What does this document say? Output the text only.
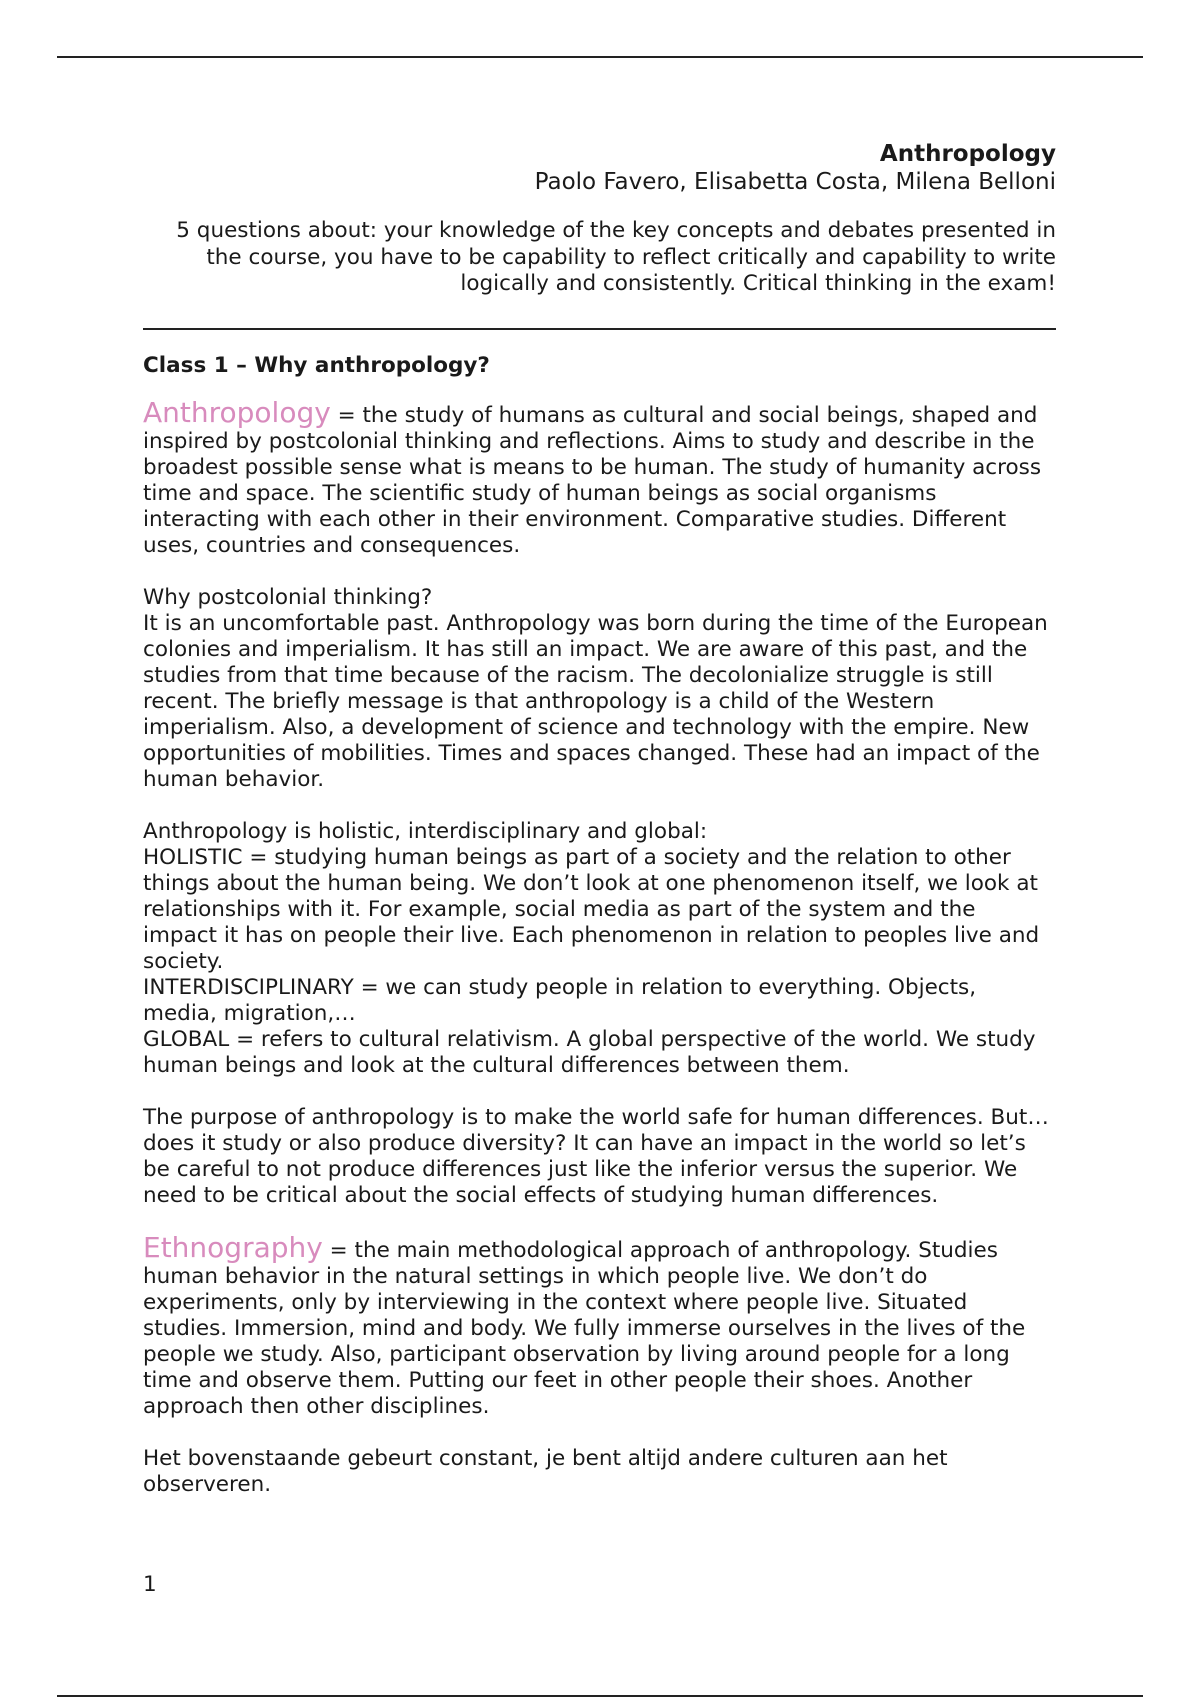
Anthropology
Paolo Favero, Elisabetta Costa, Milena Belloni
5 questions about: your knowledge of the key concepts and debates presented in the course, you have to be capability to reflect critically and capability to write logically and consistently. Critical thinking in the exam!
Class 1 – Why anthropology?

Anthropology = the study of humans as cultural and social beings, shaped and inspired by postcolonial thinking and reflections. Aims to study and describe in the broadest possible sense what is means to be human. The study of humanity across time and space. The scientific study of human beings as social organisms interacting with each other in their environment. Comparative studies. Different uses, countries and consequences.

Why postcolonial thinking?

It is an uncomfortable past. Anthropology was born during the time of the European colonies and imperialism. It has still an impact. We are aware of this past, and the studies from that time because of the racism. The decolonialize struggle is still recent. The briefly message is that anthropology is a child of the Western imperialism. Also, a development of science and technology with the empire. New opportunities of mobilities. Times and spaces changed. These had an impact of the human behavior.

Anthropology is holistic, interdisciplinary and global:

HOLISTIC = studying human beings as part of a society and the relation to other things about the human being. We don’t look at one phenomenon itself, we look at relationships with it. For example, social media as part of the system and the impact it has on people their live. Each phenomenon in relation to peoples live and society.

INTERDISCIPLINARY = we can study people in relation to everything. Objects, media, migration,…

GLOBAL = refers to cultural relativism. A global perspective of the world. We study human beings and look at the cultural differences between them.

The purpose of anthropology is to make the world safe for human differences. But… does it study or also produce diversity? It can have an impact in the world so let’s be careful to not produce differences just like the inferior versus the superior. We need to be critical about the social effects of studying human differences.

Ethnography = the main methodological approach of anthropology. Studies human behavior in the natural settings in which people live. We don’t do experiments, only by interviewing in the context where people live. Situated studies. Immersion, mind and body. We fully immerse ourselves in the lives of the people we study. Also, participant observation by living around people for a long time and observe them. Putting our feet in other people their shoes. Another approach then other disciplines.

Het bovenstaande gebeurt constant, je bent altijd andere culturen aan het observeren.

1
